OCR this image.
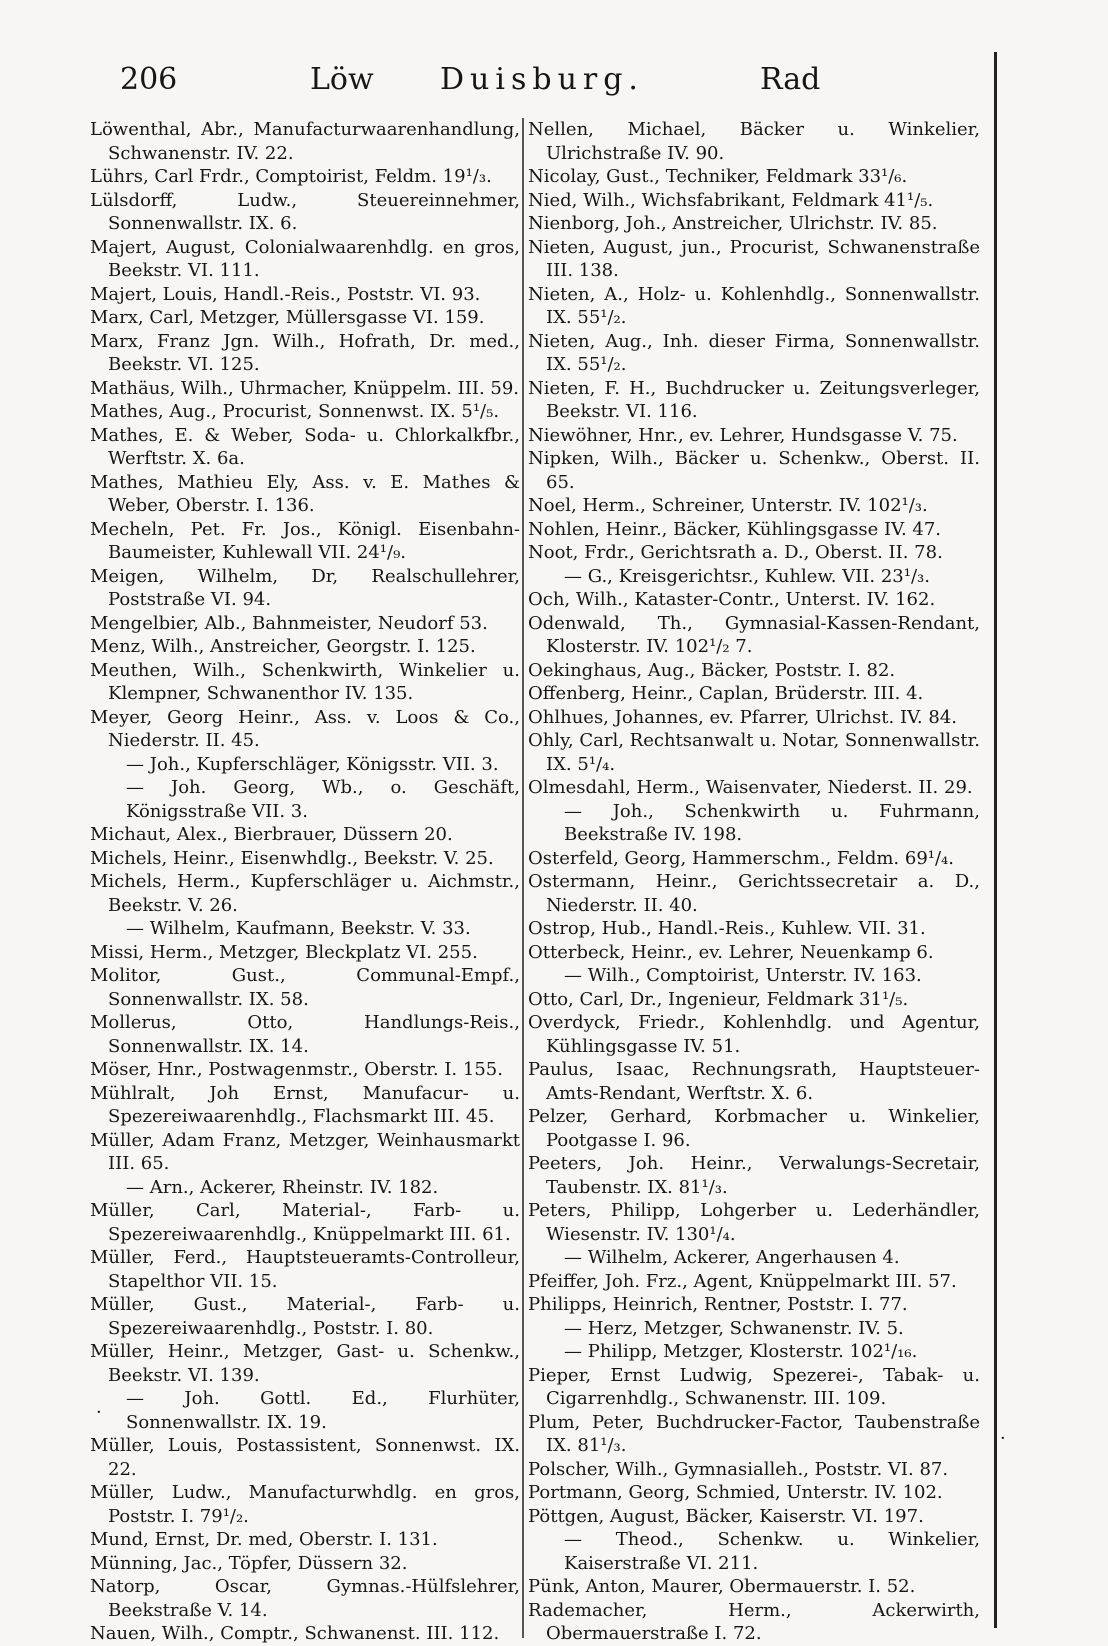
206	Löw Duisburg.	Rad
Löwenthal, Abr., Manufacturwaarenhandlung, Schwanenstr. IV. 22.
Lührs, Carl Frdr., Comptoirist, Feldm. 19¹/₃.
Lülsdorff, Ludw., Steuereinnehmer, Sonnenwallstr. IX. 6.
Majert, August, Colonialwaarenhdlg. en gros, Beekstr. VI. 111.
Majert, Louis, Handl.-Reis., Poststr. VI. 93.
Marx, Carl, Metzger, Müllersgasse VI. 159.
Marx, Franz Jgn. Wilh., Hofrath, Dr. med., Beekstr. VI. 125.
Mathäus, Wilh., Uhrmacher, Knüppelm. III. 59.
Mathes, Aug., Procurist, Sonnenwst. IX. 5¹/₅.
Mathes, E. & Weber, Soda- u. Chlorkalkfbr., Werftstr. X. 6a.
Mathes, Mathieu Ely, Ass. v. E. Mathes & Weber, Oberstr. I. 136.
Mecheln, Pet. Fr. Jos., Königl. Eisenbahn-Baumeister, Kuhlewall VII. 24¹/₉.
Meigen, Wilhelm, Dr, Realschullehrer, Poststraße VI. 94.
Mengelbier, Alb., Bahnmeister, Neudorf 53.
Menz, Wilh., Anstreicher, Georgstr. I. 125.
Meuthen, Wilh., Schenkwirth, Winkelier u. Klempner, Schwanenthor IV. 135.
Meyer, Georg Heinr., Ass. v. Loos & Co., Niederstr. II. 45.
— Joh., Kupferschläger, Königsstr. VII. 3.
— Joh. Georg, Wb., o. Geschäft, Königsstraße VII. 3.
Michaut, Alex., Bierbrauer, Düssern 20.
Michels, Heinr., Eisenwhdlg., Beekstr. V. 25.
Michels, Herm., Kupferschläger u. Aichmstr., Beekstr. V. 26.
— Wilhelm, Kaufmann, Beekstr. V. 33.
Missi, Herm., Metzger, Bleckplatz VI. 255.
Molitor, Gust., Communal-Empf., Sonnenwallstr. IX. 58.
Mollerus, Otto, Handlungs-Reis., Sonnenwallstr. IX. 14.
Möser, Hnr., Postwagenmstr., Oberstr. I. 155.
Mühlralt, Joh Ernst, Manufacur- u. Spezereiwaarenhdlg., Flachsmarkt III. 45.
Müller, Adam Franz, Metzger, Weinhausmarkt III. 65.
— Arn., Ackerer, Rheinstr. IV. 182.
Müller, Carl, Material-, Farb- u. Spezereiwaarenhdlg., Knüppelmarkt III. 61.
Müller, Ferd., Hauptsteueramts-Controlleur, Stapelthor VII. 15.
Müller, Gust., Material-, Farb- u. Spezereiwaarenhdlg., Poststr. I. 80.
Müller, Heinr., Metzger, Gast- u. Schenkw., Beekstr. VI. 139.
— Joh. Gottl. Ed., Flurhüter, Sonnenwallstr. IX. 19.
Müller, Louis, Postassistent, Sonnenwst. IX. 22.
Müller, Ludw., Manufacturwhdlg. en gros, Poststr. I. 79¹/₂.
Mund, Ernst, Dr. med, Oberstr. I. 131.
Münning, Jac., Töpfer, Düssern 32.
Natorp, Oscar, Gymnas.-Hülfslehrer, Beekstraße V. 14.
Nauen, Wilh., Comptr., Schwanenst. III. 112.
Nellen, Michael, Bäcker u. Winkelier, Ulrichstraße IV. 90.
Nicolay, Gust., Techniker, Feldmark 33¹/₆.
Nied, Wilh., Wichsfabrikant, Feldmark 41¹/₅.
Nienborg, Joh., Anstreicher, Ulrichstr. IV. 85.
Nieten, August, jun., Procurist, Schwanenstraße III. 138.
Nieten, A., Holz- u. Kohlenhdlg., Sonnenwallstr. IX. 55¹/₂.
Nieten, Aug., Inh. dieser Firma, Sonnenwallstr. IX. 55¹/₂.
Nieten, F. H., Buchdrucker u. Zeitungsverleger, Beekstr. VI. 116.
Niewöhner, Hnr., ev. Lehrer, Hundsgasse V. 75.
Nipken, Wilh., Bäcker u. Schenkw., Oberst. II. 65.
Noel, Herm., Schreiner, Unterstr. IV. 102¹/₃.
Nohlen, Heinr., Bäcker, Kühlingsgasse IV. 47.
Noot, Frdr., Gerichtsrath a. D., Oberst. II. 78.
— G., Kreisgerichtsr., Kuhlew. VII. 23¹/₃.
Och, Wilh., Kataster-Contr., Unterst. IV. 162.
Odenwald, Th., Gymnasial-Kassen-Rendant, Klosterstr. IV. 102¹/₂ 7.
Oekinghaus, Aug., Bäcker, Poststr. I. 82.
Offenberg, Heinr., Caplan, Brüderstr. III. 4.
Ohlhues, Johannes, ev. Pfarrer, Ulrichst. IV. 84.
Ohly, Carl, Rechtsanwalt u. Notar, Sonnenwallstr. IX. 5¹/₄.
Olmesdahl, Herm., Waisenvater, Niederst. II. 29.
— Joh., Schenkwirth u. Fuhrmann, Beekstraße IV. 198.
Osterfeld, Georg, Hammerschm., Feldm. 69¹/₄.
Ostermann, Heinr., Gerichtssecretair a. D., Niederstr. II. 40.
Ostrop, Hub., Handl.-Reis., Kuhlew. VII. 31.
Otterbeck, Heinr., ev. Lehrer, Neuenkamp 6.
— Wilh., Comptoirist, Unterstr. IV. 163.
Otto, Carl, Dr., Ingenieur, Feldmark 31¹/₅.
Overdyck, Friedr., Kohlenhdlg. und Agentur, Kühlingsgasse IV. 51.
Paulus, Isaac, Rechnungsrath, Hauptsteuer-Amts-Rendant, Werftstr. X. 6.
Pelzer, Gerhard, Korbmacher u. Winkelier, Pootgasse I. 96.
Peeters, Joh. Heinr., Verwalungs-Secretair, Taubenstr. IX. 81¹/₃.
Peters, Philipp, Lohgerber u. Lederhändler, Wiesenstr. IV. 130¹/₄.
— Wilhelm, Ackerer, Angerhausen 4.
Pfeiffer, Joh. Frz., Agent, Knüppelmarkt III. 57.
Philipps, Heinrich, Rentner, Poststr. I. 77.
— Herz, Metzger, Schwanenstr. IV. 5.
— Philipp, Metzger, Klosterstr. 102¹/₁₆.
Pieper, Ernst Ludwig, Spezerei-, Tabak- u. Cigarrenhdlg., Schwanenstr. III. 109.
Plum, Peter, Buchdrucker-Factor, Taubenstraße IX. 81¹/₃.
Polscher, Wilh., Gymnasialleh., Poststr. VI. 87.
Portmann, Georg, Schmied, Unterstr. IV. 102.
Pöttgen, August, Bäcker, Kaiserstr. VI. 197.
— Theod., Schenkw. u. Winkelier, Kaiserstraße VI. 211.
Pünk, Anton, Maurer, Obermauerstr. I. 52.
Rademacher, Herm., Ackerwirth, Obermauerstraße I. 72.
·
·
